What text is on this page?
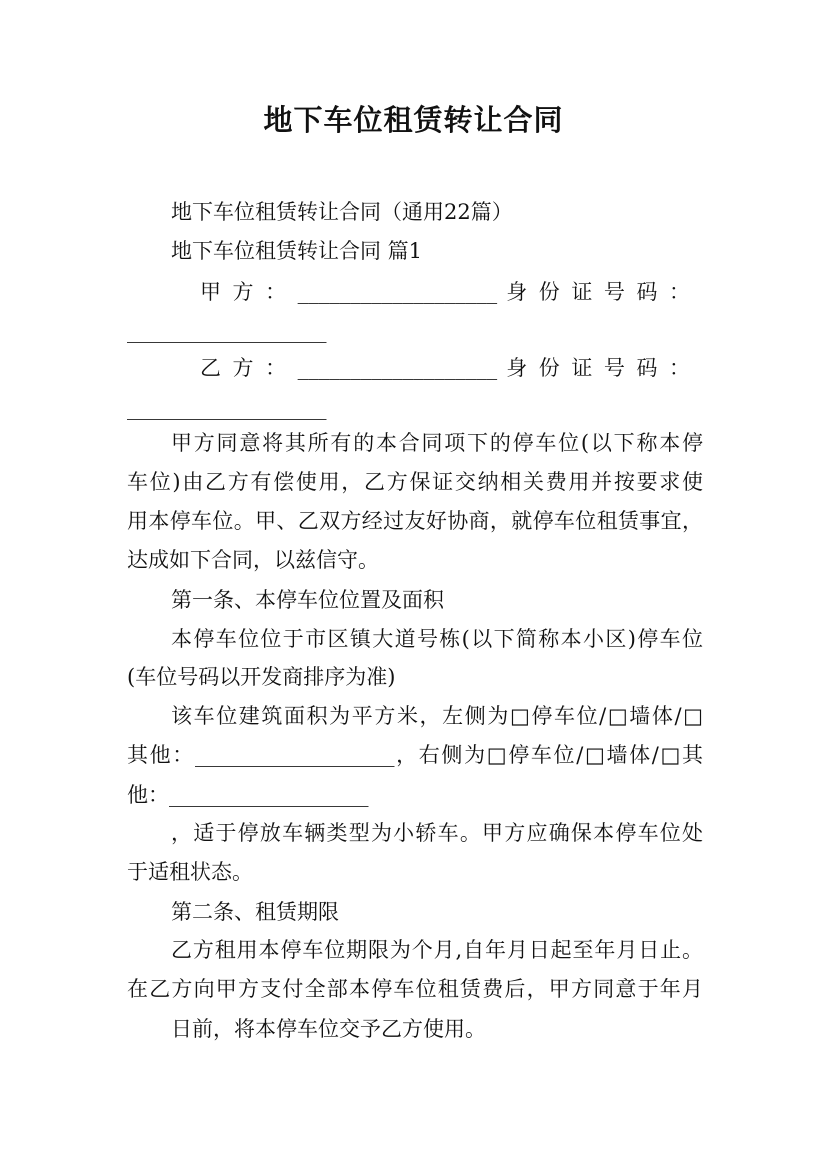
地下车位租赁转让合同
地下车位租赁转让合同（通用22篇）
地下车位租赁转让合同 篇1
甲 方 ： ___________________ 身 份 证 号 码 ：
___________________
乙 方 ： ___________________ 身 份 证 号 码 ：
___________________
甲方同意将其所有的本合同项下的停车位(以下称本停
车位)由乙方有偿使用，乙方保证交纳相关费用并按要求使
用本停车位。甲、乙双方经过友好协商，就停车位租赁事宜，
达成如下合同，以兹信守。
第一条、本停车位位置及面积
本停车位位于市区镇大道号栋(以下简称本小区)停车位
(车位号码以开发商排序为准)
该车位建筑面积为平方米，左侧为□停车位/□墙体/□
其他：___________________，右侧为□停车位/□墙体/□其
他：___________________
，适于停放车辆类型为小轿车。甲方应确保本停车位处
于适租状态。
第二条、租赁期限
乙方租用本停车位期限为个月,自年月日起至年月日止。
在乙方向甲方支付全部本停车位租赁费后，甲方同意于年月
日前，将本停车位交予乙方使用。
